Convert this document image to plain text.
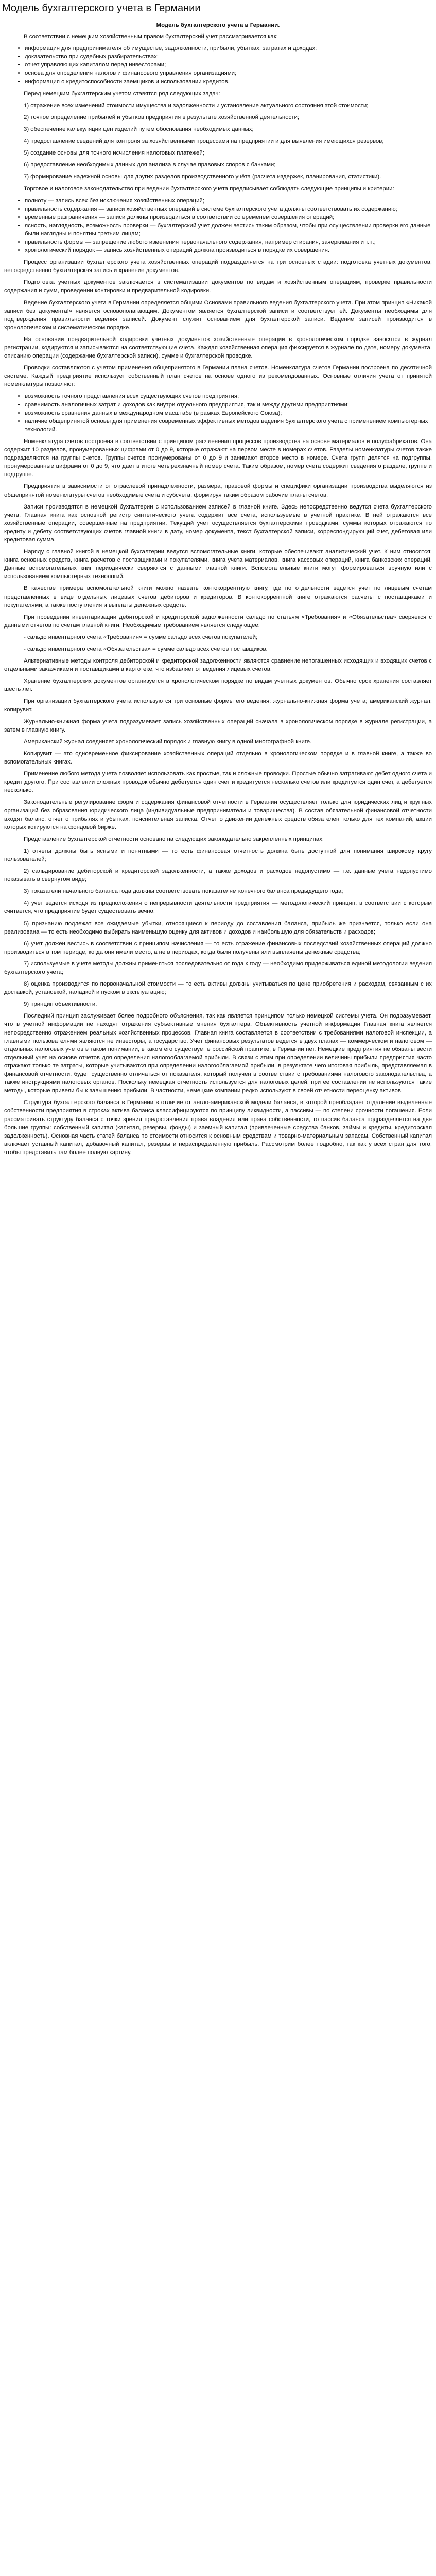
Модель бухгалтерского учета в Германии
Модель бухгалтерского учета в Германии.

В соответствии с немецким хозяйственным правом бухгалтерский учет рассматривается как:

• информация для предпринимателя об имуществе, задолженности, прибыли, убытках, затратах и доходах;
• доказательство при судебных разбирательствах;
• отчет управляющих капиталом перед инвесторами;
• основа для определения налогов и финансового управления организациями;
• информация о кредитоспособности заемщиков и использовании кредитов.

Перед немецким бухгалтерским учетом ставятся ряд следующих задач:

1) отражение всех изменений стоимости имущества и задолженности и установление актуального состояния этой стоимости;

2) точное определение прибылей и убытков предприятия в результате хозяйственной деятельности;

3) обеспечение калькуляции цен изделий путем обоснования необходимых данных;

4) предоставление сведений для контроля за хозяйственными процессами на предприятии и для выявления имеющихся резервов;

5) создание основы для точного исчисления налоговых платежей;

6) предоставление необходимых данных для анализа в случае правовых споров с банками;

7) формирование надежной основы для других разделов производственного учёта (расчета издержек, планирования, статистики).

Торговое и налоговое законодательство при ведении бухгалтерского учета предписывает соблюдать следующие принципы и критерии:

• полноту — запись всех без исключения хозяйственных операций;
• правильность содержания — записи хозяйственных операций в системе бухгалтерского учета должны соответствовать их содержанию;
• временные разграничения — записи должны производиться в соответствии со временем совершения операций;
• ясность, наглядность, возможность проверки — бухгалтерский учет должен вестись таким образом, чтобы при осуществлении проверки его данные были наглядны и понятны третьим лицам;
• правильность формы — запрещение любого изменения первоначального содержания, например стирания, зачеркивания и т.п.;
• хронологический порядок — запись хозяйственных операций должна производиться в порядке их совершения.

Процесс организации бухгалтерского учета хозяйственных операций подразделяется на три основных стадии: подготовка учетных документов, непосредственно бухгалтерская запись и хранение документов.

Подготовка учетных документов заключается в систематизации документов по видам и хозяйственным операциям, проверке правильности содержания и сумм, проведении контировки и предварительной кодировки.

Ведение бухгалтерского учета в Германии определяется общими Основами правильного ведения бухгалтерского учета. При этом принцип «Никакой записи без документа!» является основополагающим. Документом является бухгалтерской записи и соответствует ей. Документы необходимы для подтверждения правильности ведения записей. Документ служит основанием для бухгалтерской записи. Ведение записей производится в хронологическом и систематическом порядке.

На основании предварительной кодировки учетных документов хозяйственные операции в хронологическом порядке заносятся в журнал регистрации, кодируются и записываются на соответствующие счета. Каждая хозяйственная операция фиксируется в журнале по дате, номеру документа, описанию операции (содержание бухгалтерской записи), сумме и бухгалтерской проводке.

Проводки составляются с учетом применения общепринятого в Германии плана счетов. Номенклатура счетов Германии построена по десятичной системе. Каждый предприятие использует собственный план счетов на основе одного из рекомендованных. Основные отличия учета от принятой номенклатуры позволяют:

• возможность точного представления всех существующих счетов предприятия;
• сравнимость аналогичных затрат и доходов как внутри отдельного предприятия, так и между другими предприятиями;
• возможность сравнения данных в международном масштабе (в рамках Европейского Союза);
• наличие общепринятой основы для применения современных эффективных методов ведения бухгалтерского учета с применением компьютерных технологий.

Номенклатура счетов построена в соответствии с принципом расчленения процессов производства на основе материалов и полуфабрикатов. Она содержит 10 разделов, пронумерованных цифрами от 0 до 9, которые отражают на первом месте в номерах счетов. Разделы номенклатуры счетов также подразделяются на группы счетов. Группы счетов пронумерованы от 0 до 9 и занимают второе место в номере. Счета групп делятся на подгруппы, пронумерованные цифрами от 0 до 9, что дает в итоге четырехзначный номер счета. Таким образом, номер счета содержит сведения о разделе, группе и подгруппе.

Предприятия в зависимости от отраслевой принадлежности, размера, правовой формы и специфики организации производства выделяются из общепринятой номенклатуры счетов необходимые счета и субсчета, формируя таким образом рабочие планы счетов.

Записи производятся в немецкой бухгалтерии с использованием записей в главной книге. Здесь непосредственно ведутся счета бухгалтерского учета. Главная книга как основной регистр синтетического учета содержит все счета, используемые в учетной практике. В ней отражаются все хозяйственные операции, совершенные на предприятии. Текущий учет осуществляется бухгалтерскими проводками, суммы которых отражаются по кредиту и дебету соответствующих счетов главной книги в дату, номер документа, текст бухгалтерской записи, корреспондирующий счет, дебетовая или кредитовая сумма.

Наряду с главной книгой в немецкой бухгалтерии ведутся вспомогательные книги, которые обеспечивают аналитический учет. К ним относятся: книга основных средств, книга расчетов с поставщиками и покупателями, книга учета материалов, книга кассовых операций, книга банковских операций. Данные вспомогательных книг периодически сверяются с данными главной книги. Вспомогательные книги могут формироваться вручную или с использованием компьютерных технологий.

В качестве примера вспомогательной книги можно назвать контокоррентную книгу, где по отдельности ведется учет по лицевым счетам представленных в виде отдельных лицевых счетов дебиторов и кредиторов. В контокоррентной книге отражаются расчеты с поставщиками и покупателями, а также поступления и выплаты денежных средств.

При проведении инвентаризации дебиторской и кредиторской задолженности сальдо по статьям «Требования» и «Обязательства» сверяется с данными отчетов по счетам главной книги. Необходимым требованием является следующее:

- сальдо инвентарного счета «Требования» = сумме сальдо всех счетов покупателей;

- сальдо инвентарного счета «Обязательства» = сумме сальдо всех счетов поставщиков.

Альтернативные методы контроля дебиторской и кредиторской задолженности являются сравнение непогашенных исходящих и входящих счетов с отдельными заказчиками и поставщиками в картотеке, что избавляет от ведения лицевых счетов.

Хранение бухгалтерских документов организуется в хронологическом порядке по видам учетных документов. Обычно срок хранения составляет шесть лет.

При организации бухгалтерского учета используются три основные формы его ведения: журнально-книжная форма учета; американский журнал; копирувит.

Журнально-книжная форма учета подразумевает запись хозяйственных операций сначала в хронологическом порядке в журнале регистрации, а затем в главную книгу.

Американский журнал соединяет хронологический порядок и главную книгу в одной многографной книге.

Копирувит — это одновременное фиксирование хозяйственных операций отдельно в хронологическом порядке и в главной книге, а также во вспомогательных книгах.

Применение любого метода учета позволяет использовать как простые, так и сложные проводки. Простые обычно затрагивают дебет одного счета и кредит другого. При составлении сложных проводок обычно дебетуется один счет и кредитуется несколько счетов или кредитуется один счет, а дебетуется несколько.

Законодательные регулирование форм и содержания финансовой отчетности в Германии осуществляет только для юридических лиц и крупных организаций без образования юридического лица (индивидуальные предприниматели и товарищества). В состав обязательной финансовой отчетности входят баланс, отчет о прибылях и убытках, пояснительная записка. Отчет о движении денежных средств обязателен только для тех компаний, акции которых котируются на фондовой бирже.

Представление бухгалтерской отчетности основано на следующих законодательно закрепленных принципах:

1) отчеты должны быть ясными и понятными — то есть финансовая отчетность должна быть доступной для понимания широкому кругу пользователей;

2) сальдирование дебиторской и кредиторской задолженности, а также доходов и расходов недопустимо — т.е. данные учета недопустимо показывать в свернутом виде;

3) показатели начального баланса года должны соответствовать показателям конечного баланса предыдущего года;

4) учет ведется исходя из предположения о непрерывности деятельности предприятия — методологический принцип, в соответствии с которым считается, что предприятие будет существовать вечно;

5) признанию подлежат все ожидаемые убытки, относящиеся к периоду до составления баланса, прибыль же признается, только если она реализована — то есть необходимо выбирать наименьшую оценку для активов и доходов и наибольшую для обязательств и расходов;

6) учет должен вестись в соответствии с принципом начисления — то есть отражение финансовых последствий хозяйственных операций должно производиться в том периоде, когда они имели место, а не в периодах, когда были получены или выплачены денежные средства;

7) используемые в учете методы должны применяться последовательно от года к году — необходимо придерживаться единой методологии ведения бухгалтерского учета;

8) оценка производится по первоначальной стоимости — то есть активы должны учитываться по цене приобретения и расходам, связанным с их доставкой, установкой, наладкой и пуском в эксплуатацию;

9) принцип объективности.

Последний принцип заслуживает более подробного объяснения, так как является принципом только немецкой системы учета. Он подразумевает, что в учетной информации не находят отражения субъективные мнения бухгалтера. Объективность учетной информации Главная книга является непосредственно отражением реальных хозяйственных процессов. Главная книга составляется в соответствии с требованиями налоговой инспекции, а главными пользователями являются не инвесторы, а государство. Учет финансовых результатов ведется в двух планах — коммерческом и налоговом — отдельных налоговых учетов в таком понимании, в каком его существует в российской практике, в Германии нет. Немецкие предприятия не обязаны вести отдельный учет на основе отчетов для определения налогооблагаемой прибыли. В связи с этим при определении величины прибыли предприятия часто отражают только те затраты, которые учитываются при определении налогооблагаемой прибыли, в результате чего итоговая прибыль, представляемая в финансовой отчетности, будет существенно отличаться от показателя, который получен в соответствии с требованиями налогового законодательства, а также инструкциями налоговых органов. Поскольку немецкая отчетность используется для налоговых целей, при ее составлении не используются такие методы, которые привели бы к завышению прибыли. В частности, немецкие компании редко используют в своей отчетности переоценку активов.

Структура бухгалтерского баланса в Германии в отличие от англо-американской модели баланса, в которой преобладает отдаление выделенные собственности предприятия в строках актива баланса классифицируются по принципу ликвидности, а пассивы — по степени срочности погашения. Если рассматривать структуру баланса с точки зрения предоставления права владения или права собственности, то пассив баланса подразделяется на две большие группы: собственный капитал (капитал, резервы, фонды) и заемный капитал (привлеченные средства банков, займы и кредиты, кредиторская задолженность). Основная часть статей баланса по стоимости относится к основным средствам и товарно-материальным запасам. Собственный капитал включает уставный капитал, добавочный капитал, резервы и нераспределенную прибыль. Рассмотрим более подробно, так как у всех стран для того, чтобы представить там более полную картину.
